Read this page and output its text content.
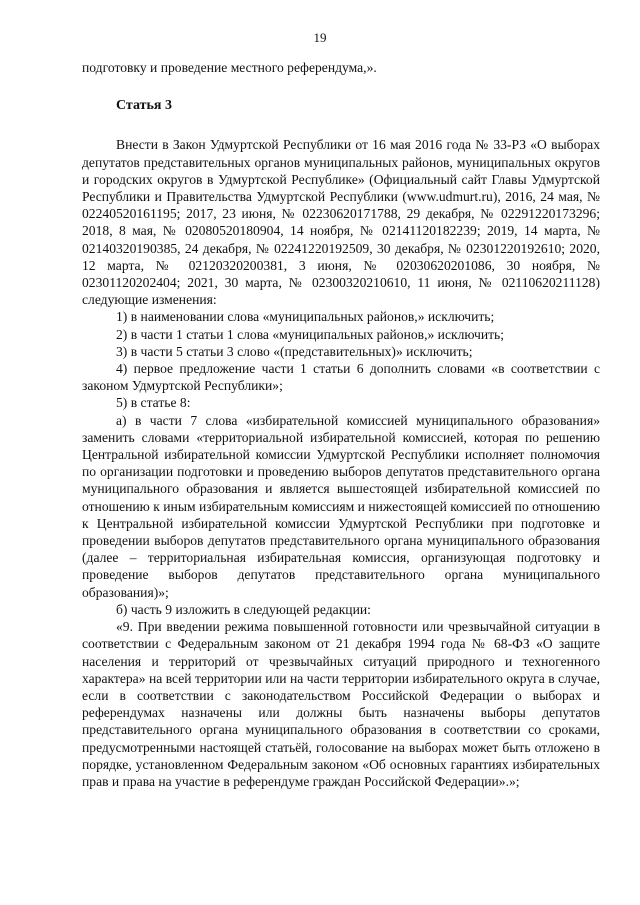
19

подготовку и проведение местного референдума,».

Статья 3

Внести в Закон Удмуртской Республики от 16 мая 2016 года № 33-РЗ «О выборах депутатов представительных органов муниципальных районов, муниципальных округов и городских округов в Удмуртской Республике» (Официальный сайт Главы Удмуртской Республики и Правительства Удмуртской Республики (www.udmurt.ru), 2016, 24 мая, № 02240520161195; 2017, 23 июня, № 02230620171788, 29 декабря, № 02291220173296; 2018, 8 мая, № 02080520180904, 14 ноября, № 02141120182239; 2019, 14 марта, № 02140320190385, 24 декабря, № 02241220192509, 30 декабря, № 02301220192610; 2020, 12 марта, № 02120320200381, 3 июня, № 02030620201086, 30 ноября, № 02301120202404; 2021, 30 марта, № 02300320210610, 11 июня, № 02110620211128) следующие изменения:

1) в наименовании слова «муниципальных районов,» исключить;

2) в части 1 статьи 1 слова «муниципальных районов,» исключить;

3) в части 5 статьи 3 слово «(представительных)» исключить;

4) первое предложение части 1 статьи 6 дополнить словами «в соответствии с законом Удмуртской Республики»;

5) в статье 8:

а) в части 7 слова «избирательной комиссией муниципального образования» заменить словами «территориальной избирательной комиссией, которая по решению Центральной избирательной комиссии Удмуртской Республики исполняет полномочия по организации подготовки и проведению выборов депутатов представительного органа муниципального образования и является вышестоящей избирательной комиссией по отношению к иным избирательным комиссиям и нижестоящей комиссией по отношению к Центральной избирательной комиссии Удмуртской Республики при подготовке и проведении выборов депутатов представительного органа муниципального образования (далее – территориальная избирательная комиссия, организующая подготовку и проведение выборов депутатов представительного органа муниципального образования)»;

б) часть 9 изложить в следующей редакции:

«9. При введении режима повышенной готовности или чрезвычайной ситуации в соответствии с Федеральным законом от 21 декабря 1994 года № 68-ФЗ «О защите населения и территорий от чрезвычайных ситуаций природного и техногенного характера» на всей территории или на части территории избирательного округа в случае, если в соответствии с законодательством Российской Федерации о выборах и референдумах назначены или должны быть назначены выборы депутатов представительного органа муниципального образования в соответствии со сроками, предусмотренными настоящей статьёй, голосование на выборах может быть отложено в порядке, установленном Федеральным законом «Об основных гарантиях избирательных прав и права на участие в референдуме граждан Российской Федерации».»;
